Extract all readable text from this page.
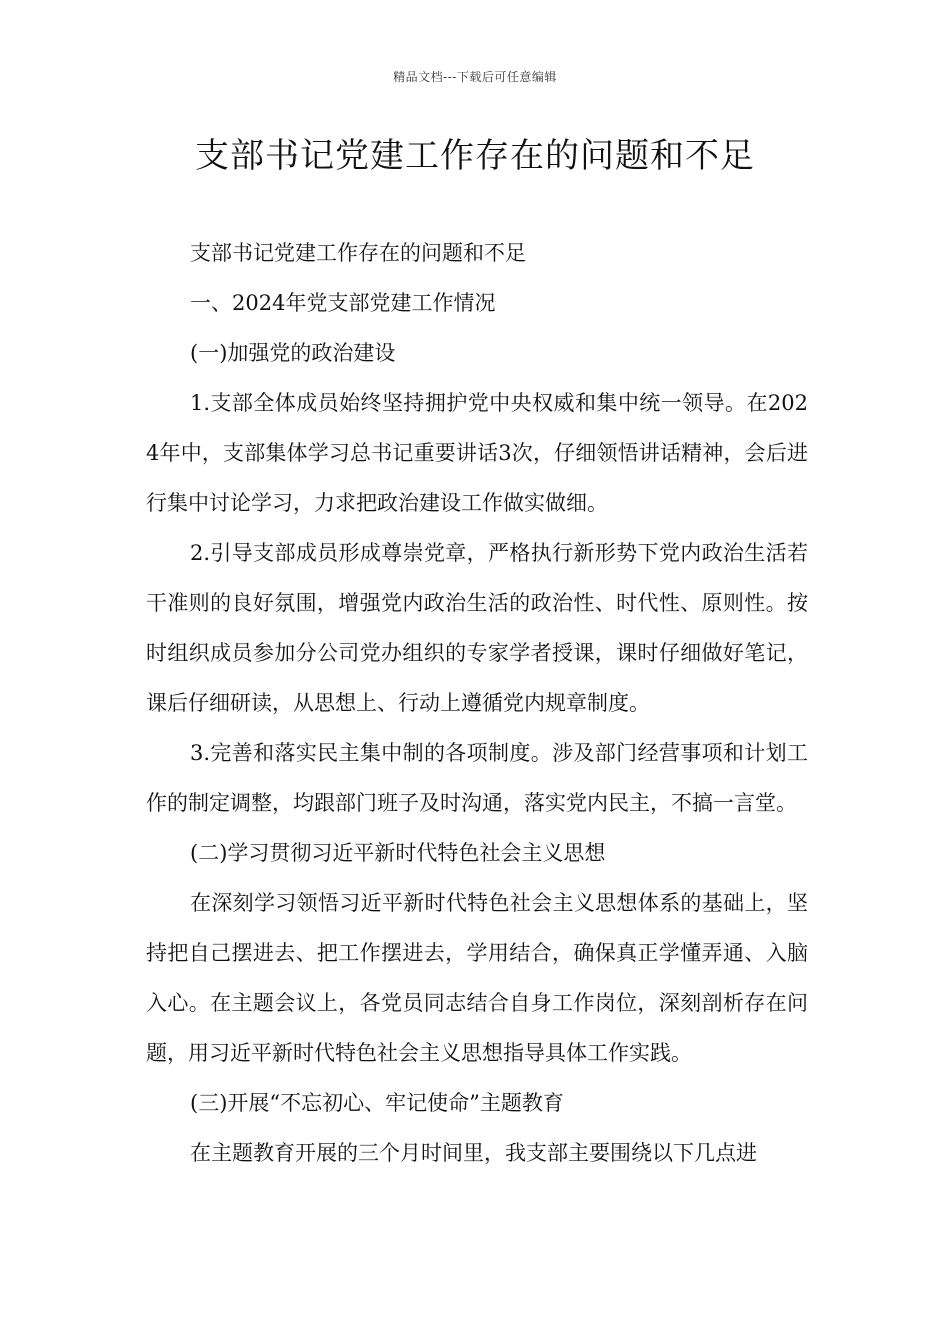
精品文档---下载后可任意编辑
支部书记党建工作存在的问题和不足

支部书记党建工作存在的问题和不足

一、2024年党支部党建工作情况

(一)加强党的政治建设

1.支部全体成员始终坚持拥护党中央权威和集中统一领导。在2024年中，支部集体学习总书记重要讲话3次，仔细领悟讲话精神，会后进行集中讨论学习，力求把政治建设工作做实做细。

2.引导支部成员形成尊崇党章，严格执行新形势下党内政治生活若干准则的良好氛围，增强党内政治生活的政治性、时代性、原则性。按时组织成员参加分公司党办组织的专家学者授课，课时仔细做好笔记，课后仔细研读，从思想上、行动上遵循党内规章制度。

3.完善和落实民主集中制的各项制度。涉及部门经营事项和计划工作的制定调整，均跟部门班子及时沟通，落实党内民主，不搞一言堂。

(二)学习贯彻习近平新时代特色社会主义思想

在深刻学习领悟习近平新时代特色社会主义思想体系的基础上，坚持把自己摆进去、把工作摆进去，学用结合，确保真正学懂弄通、入脑入心。在主题会议上，各党员同志结合自身工作岗位，深刻剖析存在问题，用习近平新时代特色社会主义思想指导具体工作实践。

(三)开展“不忘初心、牢记使命”主题教育

在主题教育开展的三个月时间里，我支部主要围绕以下几点进
